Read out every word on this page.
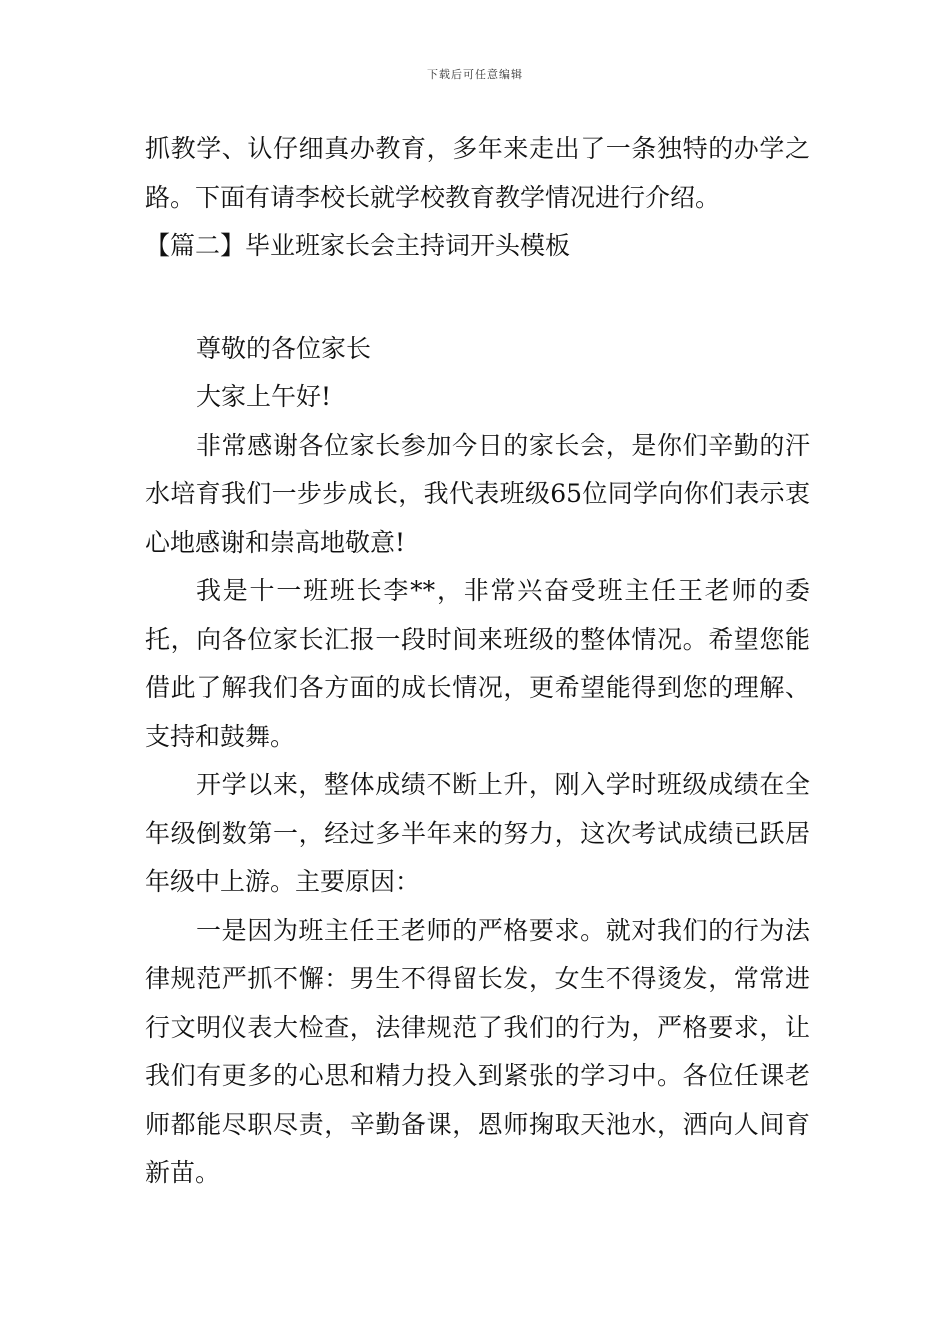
下载后可任意编辑

抓教学、认仔细真办教育，多年来走出了一条独特的办学之路。下面有请李校长就学校教育教学情况进行介绍。

【篇二】毕业班家长会主持词开头模板

尊敬的各位家长

大家上午好!

非常感谢各位家长参加今日的家长会，是你们辛勤的汗水培育我们一步步成长，我代表班级65位同学向你们表示衷心地感谢和崇高地敬意!

我是十一班班长李**，非常兴奋受班主任王老师的委托，向各位家长汇报一段时间来班级的整体情况。希望您能借此了解我们各方面的成长情况，更希望能得到您的理解、支持和鼓舞。

开学以来，整体成绩不断上升，刚入学时班级成绩在全年级倒数第一，经过多半年来的努力，这次考试成绩已跃居年级中上游。主要原因：

一是因为班主任王老师的严格要求。就对我们的行为法律规范严抓不懈：男生不得留长发，女生不得烫发，常常进行文明仪表大检查，法律规范了我们的行为，严格要求，让我们有更多的心思和精力投入到紧张的学习中。各位任课老师都能尽职尽责，辛勤备课，恩师掬取天池水，洒向人间育新苗。
